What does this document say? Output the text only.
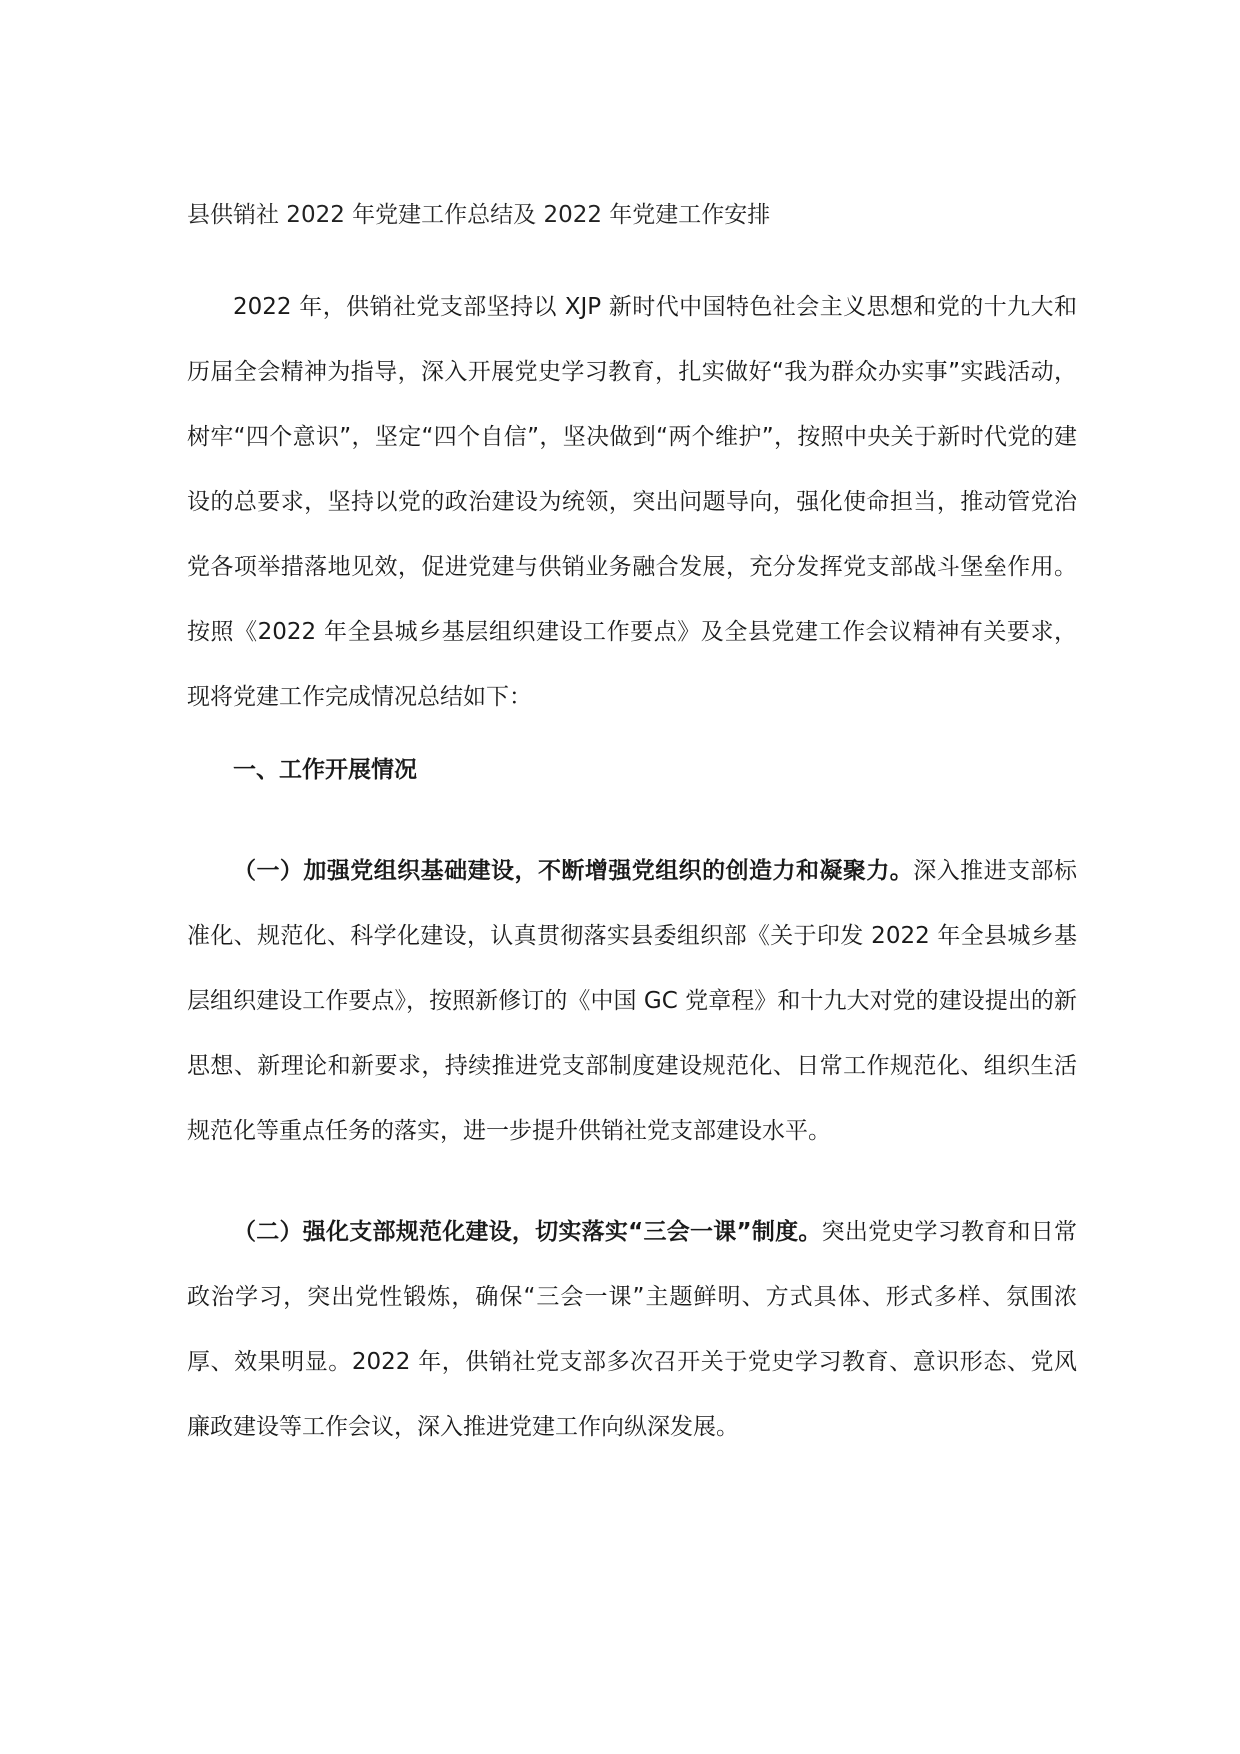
县供销社 2022 年党建工作总结及 2022 年党建工作安排

2022 年，供销社党支部坚持以 XJP 新时代中国特色社会主义思想和党的十九大和历届全会精神为指导，深入开展党史学习教育，扎实做好“我为群众办实事”实践活动，树牢“四个意识”，坚定“四个自信”，坚决做到“两个维护”，按照中央关于新时代党的建设的总要求，坚持以党的政治建设为统领，突出问题导向，强化使命担当，推动管党治党各项举措落地见效，促进党建与供销业务融合发展，充分发挥党支部战斗堡垒作用。按照《2022 年全县城乡基层组织建设工作要点》及全县党建工作会议精神有关要求，现将党建工作完成情况总结如下：

一、工作开展情况

（一）加强党组织基础建设，不断增强党组织的创造力和凝聚力。深入推进支部标准化、规范化、科学化建设，认真贯彻落实县委组织部《关于印发 2022 年全县城乡基层组织建设工作要点》，按照新修订的《中国 GC 党章程》和十九大对党的建设提出的新思想、新理论和新要求，持续推进党支部制度建设规范化、日常工作规范化、组织生活规范化等重点任务的落实，进一步提升供销社党支部建设水平。

（二）强化支部规范化建设，切实落实“三会一课”制度。突出党史学习教育和日常政治学习，突出党性锻炼，确保“三会一课”主题鲜明、方式具体、形式多样、氛围浓厚、效果明显。2022 年，供销社党支部多次召开关于党史学习教育、意识形态、党风廉政建设等工作会议，深入推进党建工作向纵深发展。
